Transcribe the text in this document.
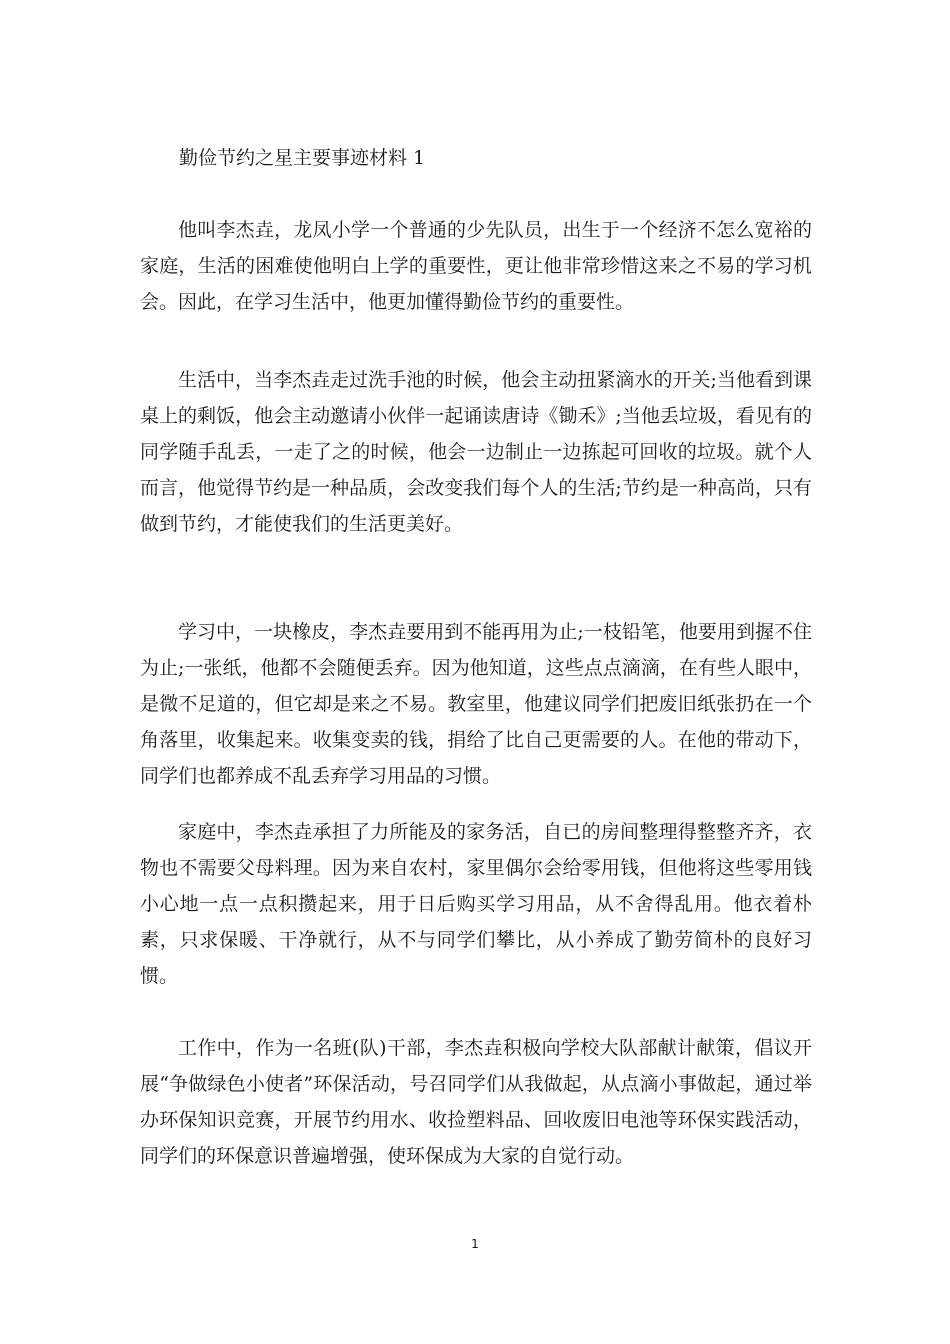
勤俭节约之星主要事迹材料 1

他叫李杰垚，龙凤小学一个普通的少先队员，出生于一个经济不怎么宽裕的家庭，生活的困难使他明白上学的重要性，更让他非常珍惜这来之不易的学习机会。因此，在学习生活中，他更加懂得勤俭节约的重要性。

生活中，当李杰垚走过洗手池的时候，他会主动扭紧滴水的开关;当他看到课桌上的剩饭，他会主动邀请小伙伴一起诵读唐诗《锄禾》;当他丢垃圾，看见有的同学随手乱丢，一走了之的时候，他会一边制止一边拣起可回收的垃圾。就个人而言，他觉得节约是一种品质，会改变我们每个人的生活;节约是一种高尚，只有做到节约，才能使我们的生活更美好。

学习中，一块橡皮，李杰垚要用到不能再用为止;一枝铅笔，他要用到握不住为止;一张纸，他都不会随便丢弃。因为他知道，这些点点滴滴，在有些人眼中，是微不足道的，但它却是来之不易。教室里，他建议同学们把废旧纸张扔在一个角落里，收集起来。收集变卖的钱，捐给了比自己更需要的人。在他的带动下，同学们也都养成不乱丢弃学习用品的习惯。

家庭中，李杰垚承担了力所能及的家务活，自已的房间整理得整整齐齐，衣物也不需要父母料理。因为来自农村，家里偶尔会给零用钱，但他将这些零用钱小心地一点一点积攒起来，用于日后购买学习用品，从不舍得乱用。他衣着朴素，只求保暖、干净就行，从不与同学们攀比，从小养成了勤劳简朴的良好习惯。

工作中，作为一名班(队)干部，李杰垚积极向学校大队部献计献策，倡议开展“争做绿色小使者”环保活动，号召同学们从我做起，从点滴小事做起，通过举办环保知识竞赛，开展节约用水、收捡塑料品、回收废旧电池等环保实践活动，同学们的环保意识普遍增强，使环保成为大家的自觉行动。

1
